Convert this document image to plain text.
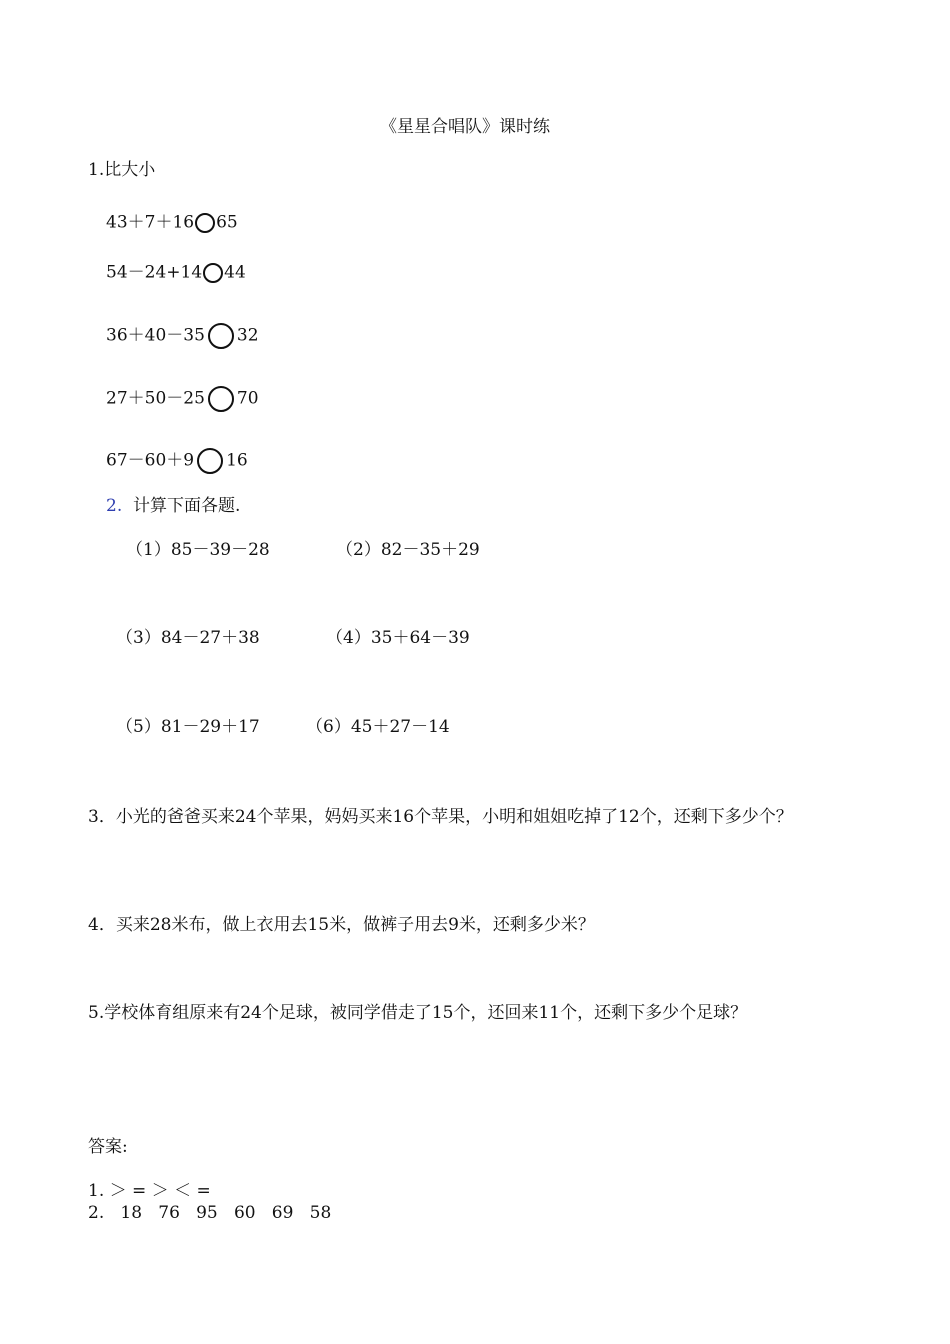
《星星合唱队》课时练
1.比大小
43＋7＋16 65
54－24+14 44
36＋40－35 32
27＋50－25 70
67－60＋9 16
2. 计算下面各题.
（1）85－39－28	（2）82－35＋29
（3）84－27＋38	（4）35＋64－39
（5）81－29＋17	（6）45＋27－14
3．小光的爸爸买来24个苹果，妈妈买来16个苹果，小明和姐姐吃掉了12个，还剩下多少个？
4．买来28米布，做上衣用去15米，做裤子用去9米，还剩多少米？
5.学校体育组原来有24个足球，被同学借走了15个，还回来11个，还剩下多少个足球？
答案:
1. ＞ = ＞ ＜ =
2.   18   76   95   60   69   58
